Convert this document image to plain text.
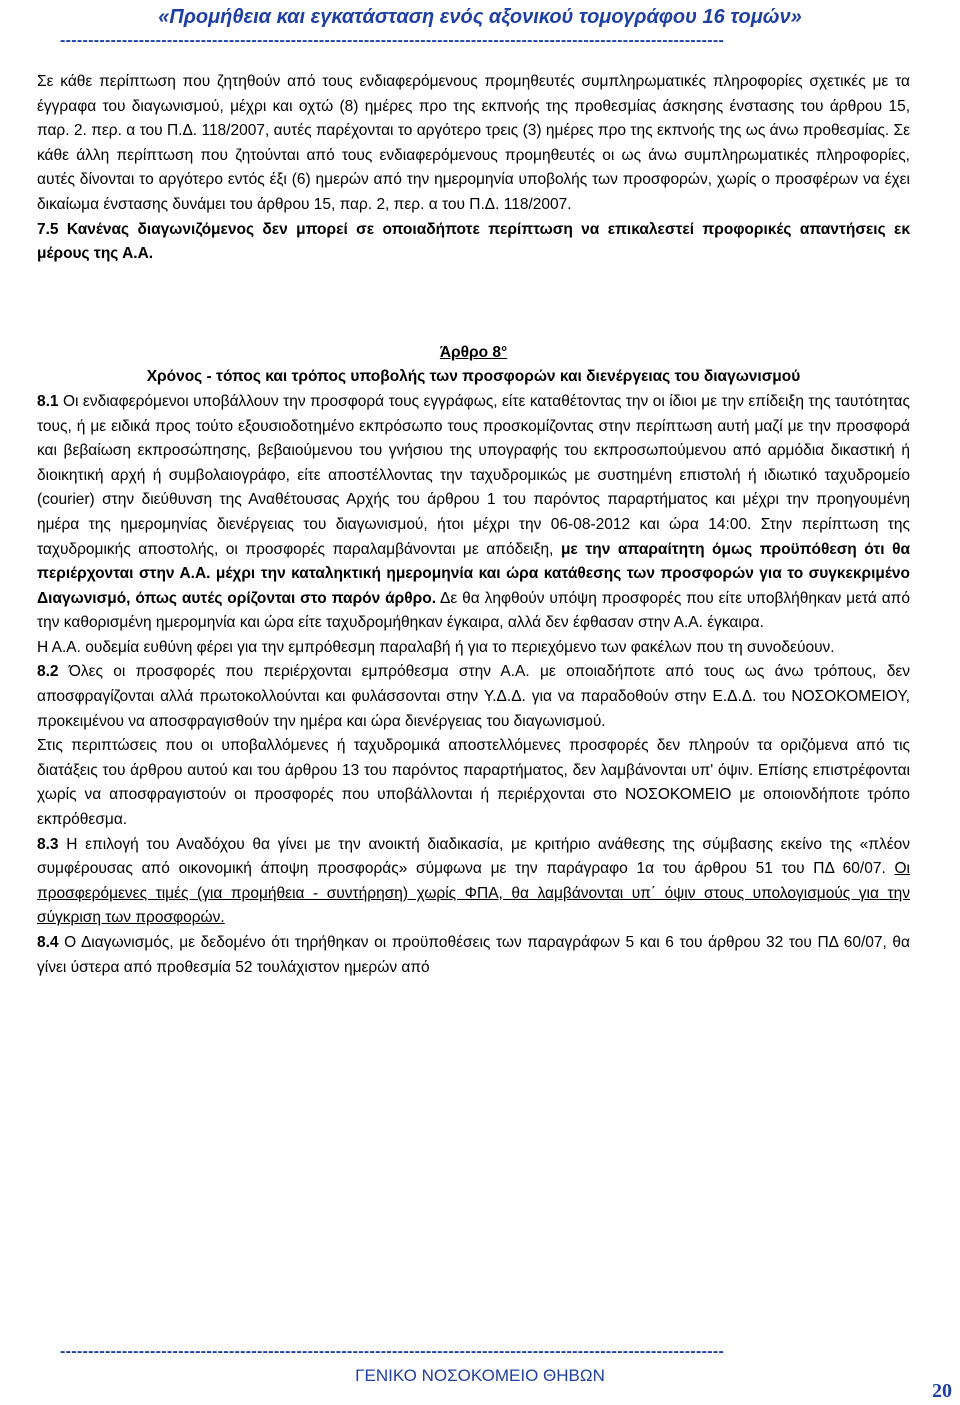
«Προμήθεια και εγκατάσταση ενός αξονικού τομογράφου 16 τομών»
----------------------------------------------------------------------------------------------------------------------

Σε κάθε περίπτωση που ζητηθούν από τους ενδιαφερόμενους προμηθευτές συμπληρωματικές πληροφορίες σχετικές με τα έγγραφα του διαγωνισμού, μέχρι και οχτώ (8) ημέρες προ της εκπνοής της προθεσμίας άσκησης ένστασης του άρθρου 15, παρ. 2. περ. α του Π.Δ. 118/2007, αυτές παρέχονται το αργότερο τρεις (3) ημέρες προ της εκπνοής της ως άνω προθεσμίας. Σε κάθε άλλη περίπτωση που ζητούνται από τους ενδιαφερόμενους προμηθευτές οι ως άνω συμπληρωματικές πληροφορίες, αυτές δίνονται το αργότερο εντός έξι (6) ημερών από την ημερομηνία υποβολής των προσφορών, χωρίς ο προσφέρων να έχει δικαίωμα ένστασης δυνάμει του άρθρου 15, παρ. 2, περ. α του Π.Δ. 118/2007.

7.5 Κανένας διαγωνιζόμενος δεν μπορεί σε οποιαδήποτε περίπτωση να επικαλεστεί προφορικές απαντήσεις εκ μέρους της Α.Α.

Άρθρο 8°

Χρόνος - τόπος και τρόπος υποβολής των προσφορών και διενέργειας του διαγωνισμού

8.1 Οι ενδιαφερόμενοι υποβάλλουν την προσφορά τους εγγράφως, είτε καταθέτοντας την οι ίδιοι με την επίδειξη της ταυτότητας τους, ή με ειδικά προς τούτο εξουσιοδοτημένο εκπρόσωπο τους προσκομίζοντας στην περίπτωση αυτή μαζί με την προσφορά και βεβαίωση εκπροσώπησης, βεβαιούμενου του γνήσιου της υπογραφής του εκπροσωπούμενου από αρμόδια δικαστική ή διοικητική αρχή ή συμβολαιογράφο, είτε αποστέλλοντας την ταχυδρομικώς με συστημένη επιστολή ή ιδιωτικό ταχυδρομείο (courier) στην διεύθυνση της Αναθέτουσας Αρχής του άρθρου 1 του παρόντος παραρτήματος και μέχρι την προηγουμένη ημέρα της ημερομηνίας διενέργειας του διαγωνισμού, ήτοι μέχρι την 06-08-2012 και ώρα 14:00. Στην περίπτωση της ταχυδρομικής αποστολής, οι προσφορές παραλαμβάνονται με απόδειξη, με την απαραίτητη όμως προϋπόθεση ότι θα περιέρχονται στην Α.Α. μέχρι την καταληκτική ημερομηνία και ώρα κατάθεσης των προσφορών για το συγκεκριμένο Διαγωνισμό, όπως αυτές ορίζονται στο παρόν άρθρο. Δε θα ληφθούν υπόψη προσφορές που είτε υποβλήθηκαν μετά από την καθορισμένη ημερομηνία και ώρα είτε ταχυδρομήθηκαν έγκαιρα, αλλά δεν έφθασαν στην Α.Α. έγκαιρα.

Η Α.Α. ουδεμία ευθύνη φέρει για την εμπρόθεσμη παραλαβή ή για το περιεχόμενο των φακέλων που τη συνοδεύουν.

8.2 Όλες οι προσφορές που περιέρχονται εμπρόθεσμα στην Α.Α. με οποιαδήποτε από τους ως άνω τρόπους, δεν αποσφραγίζονται αλλά πρωτοκολλούνται και φυλάσσονται στην Υ.Δ.Δ. για να παραδοθούν στην Ε.Δ.Δ. του ΝΟΣΟΚΟΜΕΙΟΥ, προκειμένου να αποσφραγισθούν την ημέρα και ώρα διενέργειας του διαγωνισμού.

Στις περιπτώσεις που οι υποβαλλόμενες ή ταχυδρομικά αποστελλόμενες προσφορές δεν πληρούν τα οριζόμενα από τις διατάξεις του άρθρου αυτού και του άρθρου 13 του παρόντος παραρτήματος, δεν λαμβάνονται υπ' όψιν. Επίσης επιστρέφονται χωρίς να αποσφραγιστούν οι προσφορές που υποβάλλονται ή περιέρχονται στο ΝΟΣΟΚΟΜΕΙΟ με οποιονδήποτε τρόπο εκπρόθεσμα.

8.3 Η επιλογή του Αναδόχου θα γίνει με την ανοικτή διαδικασία, με κριτήριο ανάθεσης της σύμβασης εκείνο της «πλέον συμφέρουσας από οικονομική άποψη προσφοράς» σύμφωνα με την παράγραφο 1α του άρθρου 51 του ΠΔ 60/07. Οι προσφερόμενες τιμές (για προμήθεια - συντήρηση) χωρίς ΦΠΑ, θα λαμβάνονται υπ΄ όψιν στους υπολογισμούς για την σύγκριση των προσφορών.

8.4 Ο Διαγωνισμός, με δεδομένο ότι τηρήθηκαν οι προϋποθέσεις των παραγράφων 5 και 6 του άρθρου 32 του ΠΔ 60/07, θα γίνει ύστερα από προθεσμία 52 τουλάχιστον ημερών από

----------------------------------------------------------------------------------------------------------------------
ΓΕΝΙΚΟ ΝΟΣΟΚΟΜΕΙΟ ΘΗΒΩΝ
20
